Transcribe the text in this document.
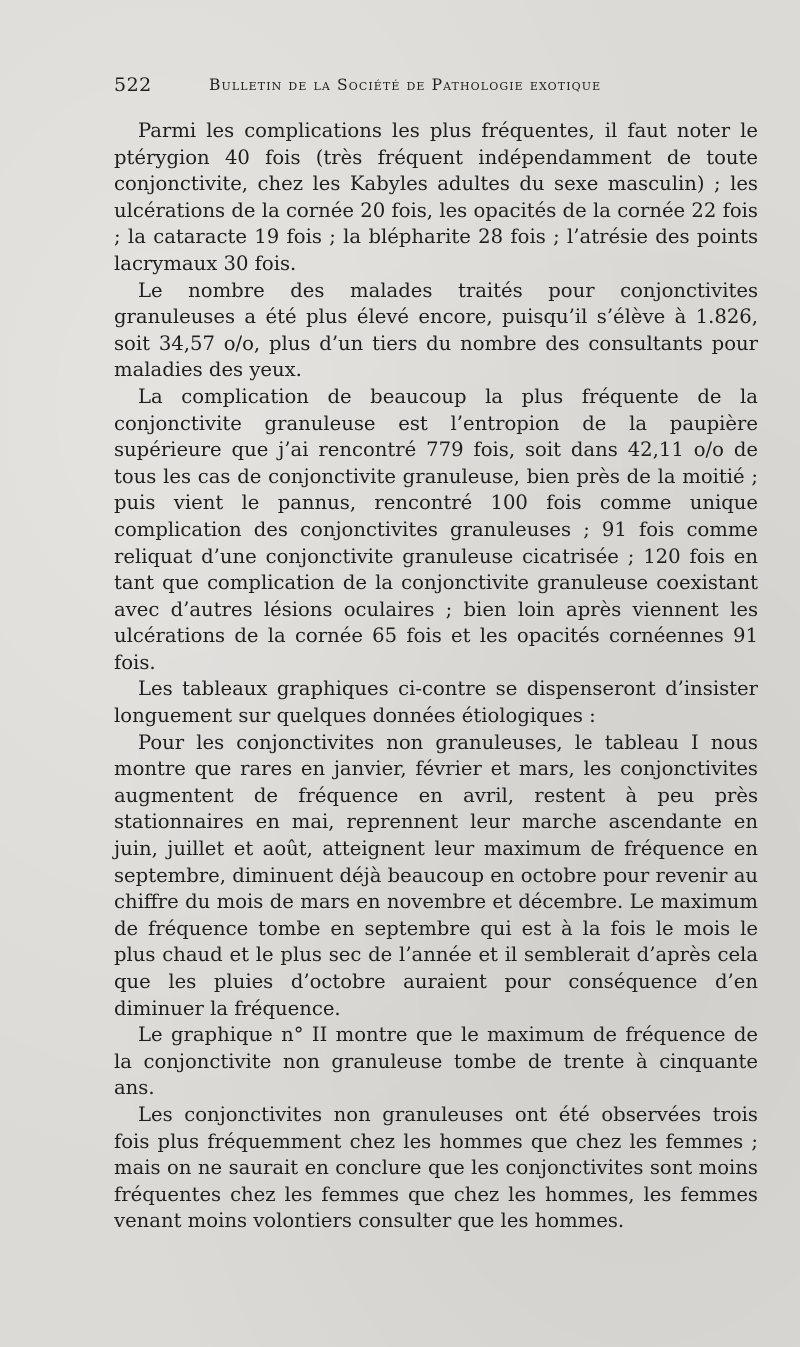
522	Bulletin de la Société de Pathologie exotique

Parmi les complications les plus fréquentes, il faut noter le ptérygion 40 fois (très fréquent indépendamment de toute conjonctivite, chez les Kabyles adultes du sexe masculin) ; les ulcérations de la cornée 20 fois, les opacités de la cornée 22 fois ; la cataracte 19 fois ; la blépharite 28 fois ; l’atrésie des points lacrymaux 30 fois.

Le nombre des malades traités pour conjonctivites granuleuses a été plus élevé encore, puisqu’il s’élève à 1.826, soit 34,57 o/o, plus d’un tiers du nombre des consultants pour maladies des yeux.

La complication de beaucoup la plus fréquente de la conjonctivite granuleuse est l’entropion de la paupière supérieure que j’ai rencontré 779 fois, soit dans 42,11 o/o de tous les cas de conjonctivite granuleuse, bien près de la moitié ; puis vient le pannus, rencontré 100 fois comme unique complication des conjonctivites granuleuses ; 91 fois comme reliquat d’une conjonctivite granuleuse cicatrisée ; 120 fois en tant que complication de la conjonctivite granuleuse coexistant avec d’autres lésions oculaires ; bien loin après viennent les ulcérations de la cornée 65 fois et les opacités cornéennes 91 fois.

Les tableaux graphiques ci-contre se dispenseront d’insister longuement sur quelques données étiologiques :

Pour les conjonctivites non granuleuses, le tableau I nous montre que rares en janvier, février et mars, les conjonctivites augmentent de fréquence en avril, restent à peu près stationnaires en mai, reprennent leur marche ascendante en juin, juillet et août, atteignent leur maximum de fréquence en septembre, diminuent déjà beaucoup en octobre pour revenir au chiffre du mois de mars en novembre et décembre. Le maximum de fréquence tombe en septembre qui est à la fois le mois le plus chaud et le plus sec de l’année et il semblerait d’après cela que les pluies d’octobre auraient pour conséquence d’en diminuer la fréquence.

Le graphique n° II montre que le maximum de fréquence de la conjonctivite non granuleuse tombe de trente à cinquante ans.

Les conjonctivites non granuleuses ont été observées trois fois plus fréquemment chez les hommes que chez les femmes ; mais on ne saurait en conclure que les conjonctivites sont moins fréquentes chez les femmes que chez les hommes, les femmes venant moins volontiers consulter que les hommes.
